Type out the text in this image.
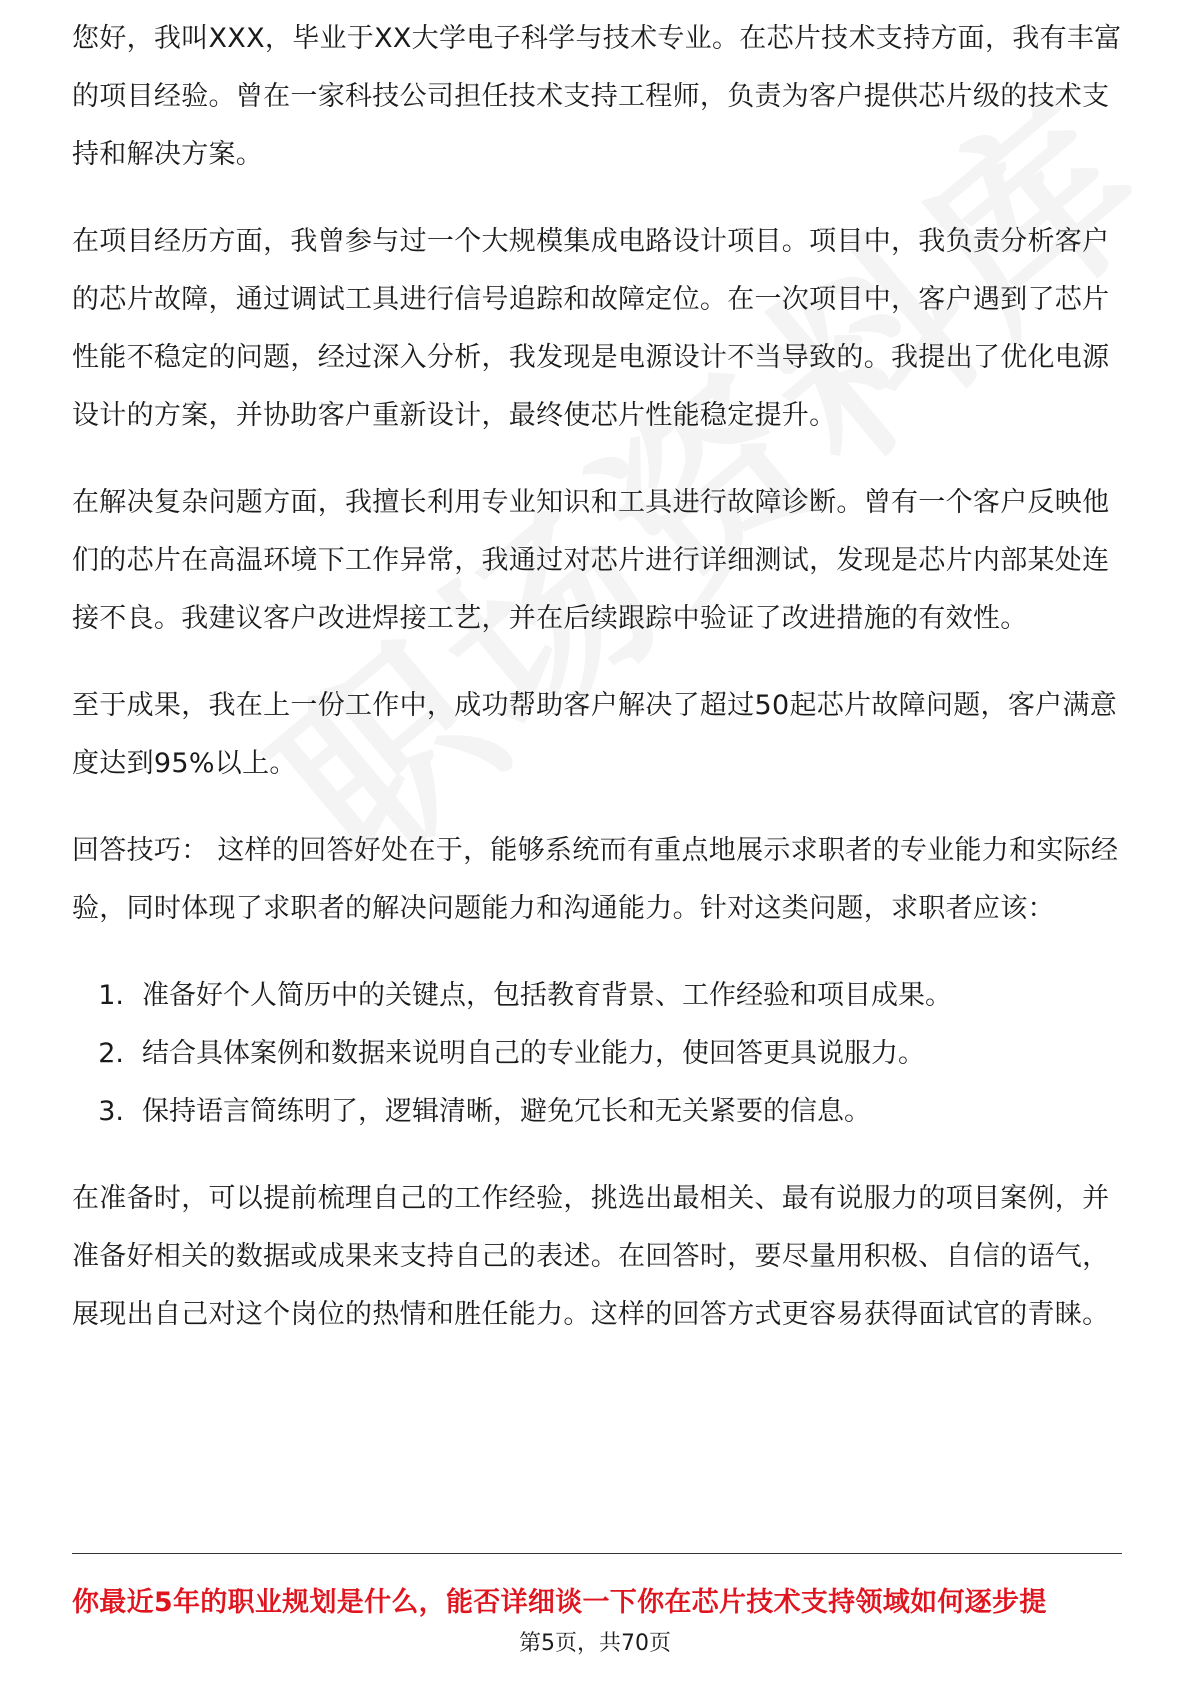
您好，我叫XXX，毕业于XX大学电子科学与技术专业。在芯片技术支持方面，我有丰富的项目经验。曾在一家科技公司担任技术支持工程师，负责为客户提供芯片级的技术支持和解决方案。

在项目经历方面，我曾参与过一个大规模集成电路设计项目。项目中，我负责分析客户的芯片故障，通过调试工具进行信号追踪和故障定位。在一次项目中，客户遇到了芯片性能不稳定的问题，经过深入分析，我发现是电源设计不当导致的。我提出了优化电源设计的方案，并协助客户重新设计，最终使芯片性能稳定提升。

在解决复杂问题方面，我擅长利用专业知识和工具进行故障诊断。曾有一个客户反映他们的芯片在高温环境下工作异常，我通过对芯片进行详细测试，发现是芯片内部某处连接不良。我建议客户改进焊接工艺，并在后续跟踪中验证了改进措施的有效性。

至于成果，我在上一份工作中，成功帮助客户解决了超过50起芯片故障问题，客户满意度达到95%以上。

回答技巧： 这样的回答好处在于，能够系统而有重点地展示求职者的专业能力和实际经验，同时体现了求职者的解决问题能力和沟通能力。针对这类问题，求职者应该：

1. 准备好个人简历中的关键点，包括教育背景、工作经验和项目成果。
2. 结合具体案例和数据来说明自己的专业能力，使回答更具说服力。
3. 保持语言简练明了，逻辑清晰，避免冗长和无关紧要的信息。

在准备时，可以提前梳理自己的工作经验，挑选出最相关、最有说服力的项目案例，并准备好相关的数据或成果来支持自己的表述。在回答时，要尽量用积极、自信的语气，展现出自己对这个岗位的热情和胜任能力。这样的回答方式更容易获得面试官的青睐。

你最近5年的职业规划是什么，能否详细谈一下你在芯片技术支持领域如何逐步提
第5页，共70页
